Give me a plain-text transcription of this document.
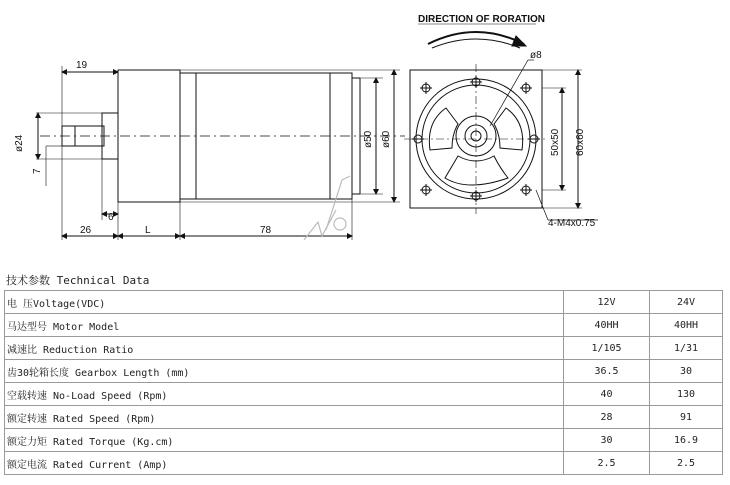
19
ø24
7
6
26	L	78
ø50 ø60
DIRECTION OF RORATION
ø8
50x50 60x60
4-M4x0.75
技术参数 Technical Data
电 压Voltage(VDC)	12V	24V
马达型号 Motor Model	40HH	40HH
减速比 Reduction Ratio	1/105	1/31
齿30轮箱长度 Gearbox Length (mm)	36.5	30
空载转速 No-Load Speed (Rpm)	40	130
额定转速 Rated Speed (Rpm)	28	91
额定力矩 Rated Torque (Kg.cm)	30	16.9
额定电流 Rated Current (Amp)	2.5	2.5
